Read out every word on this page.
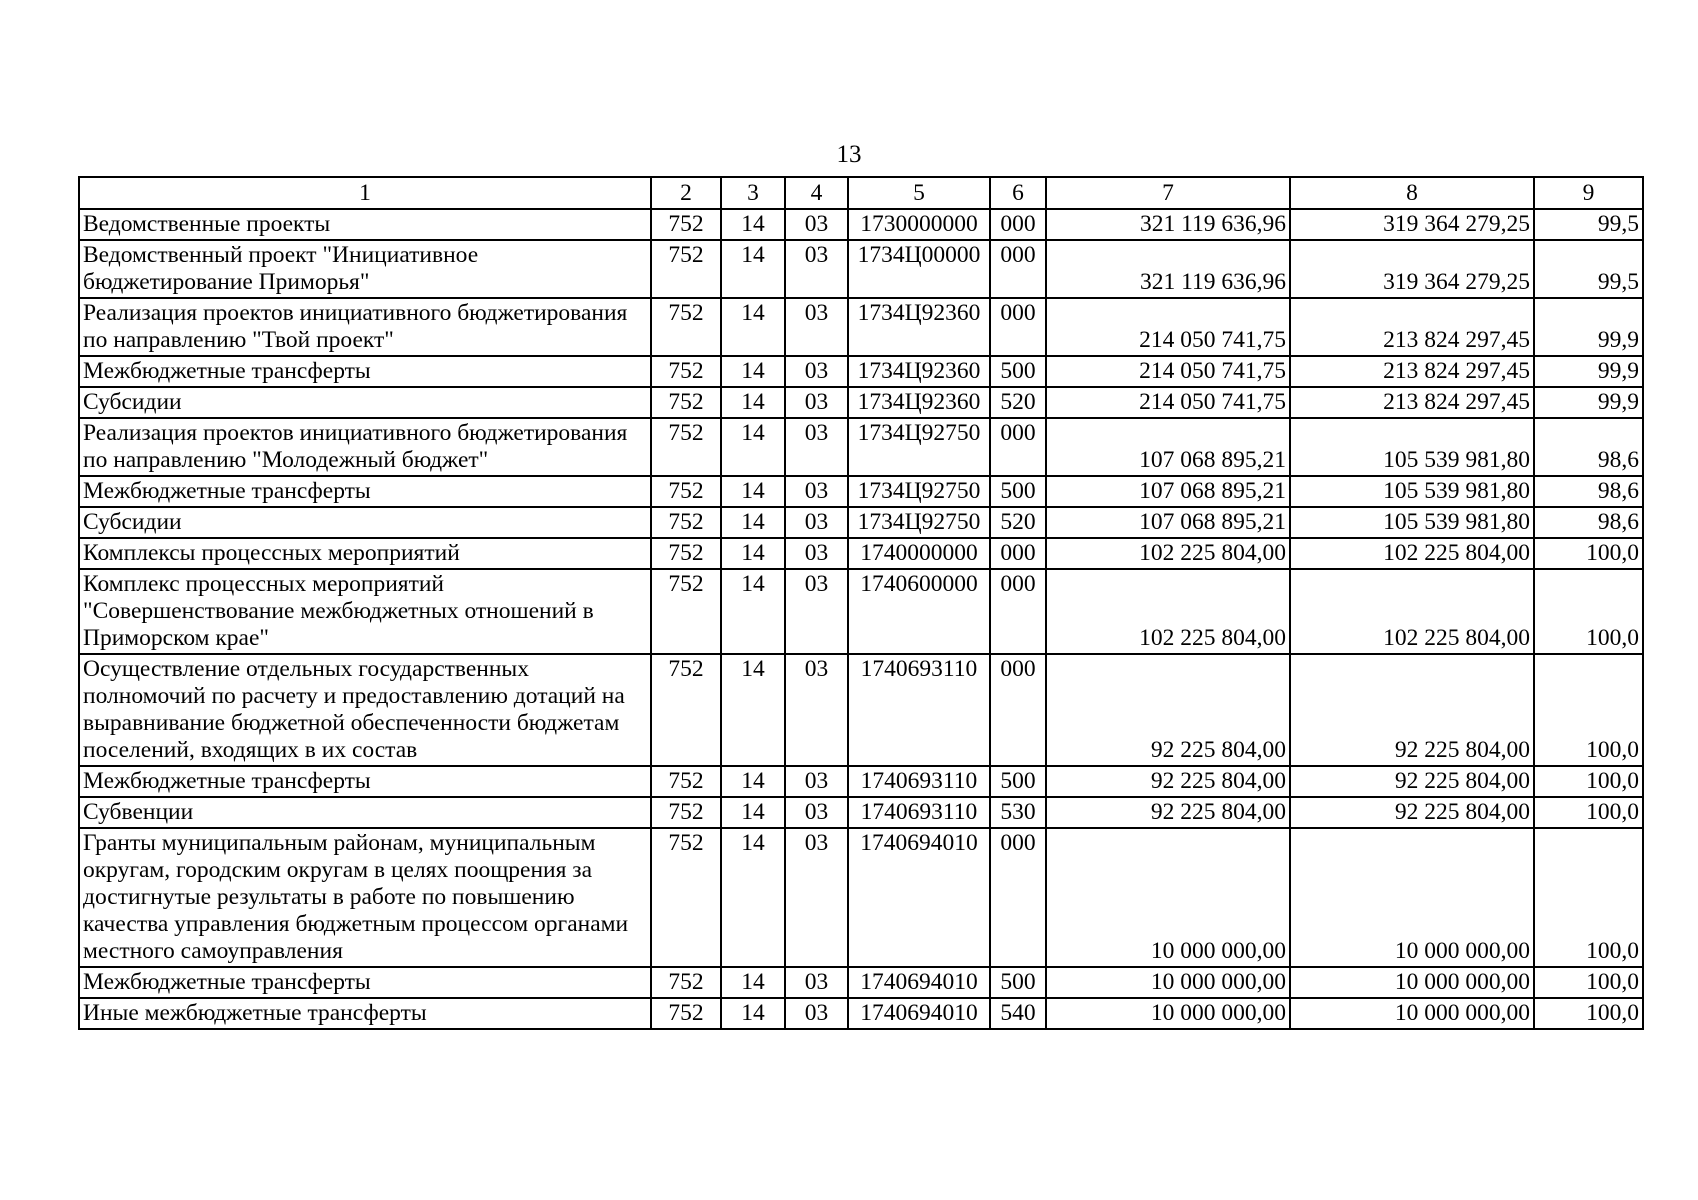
13
1	2	3	4	5	6	7	8	9
Ведомственные проекты	752	14	03	1730000000	000	321 119 636,96	319 364 279,25	99,5
Ведомственный проект "Инициативное бюджетирование Приморья"	752	14	03	1734Ц00000	000	321 119 636,96	319 364 279,25	99,5
Реализация проектов инициативного бюджетирования по направлению "Твой проект"	752	14	03	1734Ц92360	000	214 050 741,75	213 824 297,45	99,9
Межбюджетные трансферты	752	14	03	1734Ц92360	500	214 050 741,75	213 824 297,45	99,9
Субсидии	752	14	03	1734Ц92360	520	214 050 741,75	213 824 297,45	99,9
Реализация проектов инициативного бюджетирования по направлению "Молодежный бюджет"	752	14	03	1734Ц92750	000	107 068 895,21	105 539 981,80	98,6
Межбюджетные трансферты	752	14	03	1734Ц92750	500	107 068 895,21	105 539 981,80	98,6
Субсидии	752	14	03	1734Ц92750	520	107 068 895,21	105 539 981,80	98,6
Комплексы процессных мероприятий	752	14	03	1740000000	000	102 225 804,00	102 225 804,00	100,0
Комплекс процессных мероприятий "Совершенствование межбюджетных отношений в Приморском крае"	752	14	03	1740600000	000	102 225 804,00	102 225 804,00	100,0
Осуществление отдельных государственных полномочий по расчету и предоставлению дотаций на выравнивание бюджетной обеспеченности бюджетам поселений, входящих в их состав	752	14	03	1740693110	000	92 225 804,00	92 225 804,00	100,0
Межбюджетные трансферты	752	14	03	1740693110	500	92 225 804,00	92 225 804,00	100,0
Субвенции	752	14	03	1740693110	530	92 225 804,00	92 225 804,00	100,0
Гранты муниципальным районам, муниципальным округам, городским округам в целях поощрения за достигнутые результаты в работе по повышению качества управления бюджетным процессом органами местного самоуправления	752	14	03	1740694010	000	10 000 000,00	10 000 000,00	100,0
Межбюджетные трансферты	752	14	03	1740694010	500	10 000 000,00	10 000 000,00	100,0
Иные межбюджетные трансферты	752	14	03	1740694010	540	10 000 000,00	10 000 000,00	100,0
